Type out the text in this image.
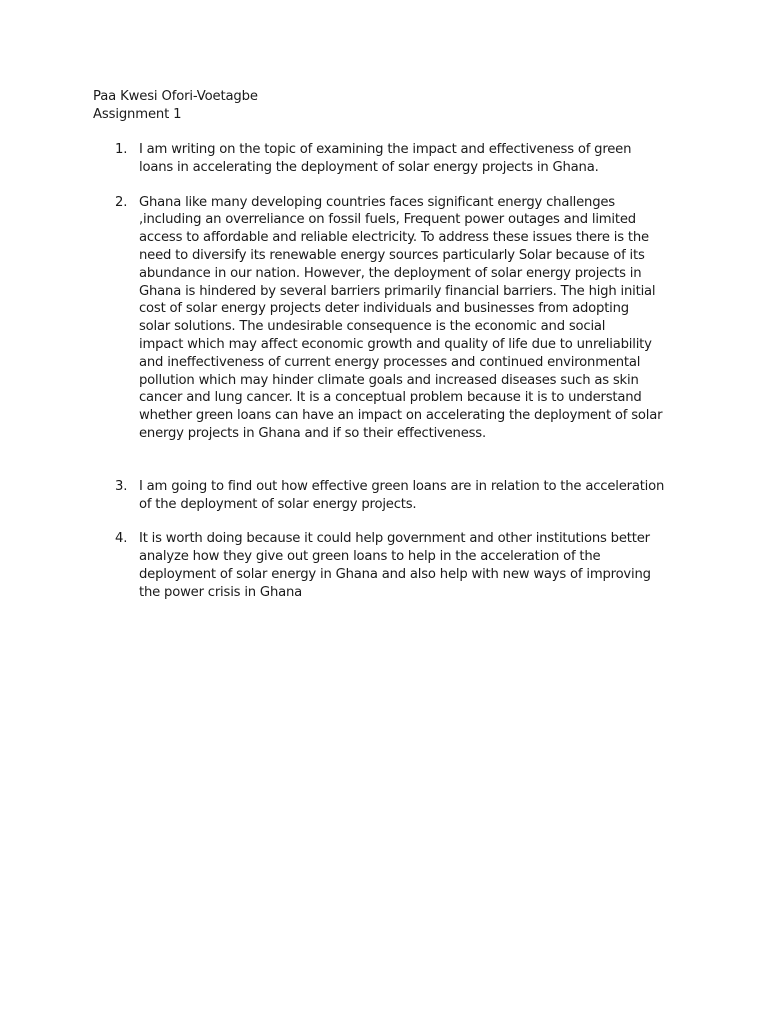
Paa Kwesi Ofori-Voetagbe
Assignment 1
1. I am writing on the topic of examining the impact and effectiveness of green
loans in accelerating the deployment of solar energy projects in Ghana.
2. Ghana like many developing countries faces significant energy challenges
,including an overreliance on fossil fuels, Frequent power outages and limited
access to affordable and reliable electricity. To address these issues there is the
need to diversify its renewable energy sources particularly Solar because of its
abundance in our nation. However, the deployment of solar energy projects in
Ghana is hindered by several barriers primarily financial barriers. The high initial
cost of solar energy projects deter individuals and businesses from adopting
solar solutions. The undesirable consequence is the economic and social
impact which may affect economic growth and quality of life due to unreliability
and ineffectiveness of current energy processes and continued environmental
pollution which may hinder climate goals and increased diseases such as skin
cancer and lung cancer. It is a conceptual problem because it is to understand
whether green loans can have an impact on accelerating the deployment of solar
energy projects in Ghana and if so their effectiveness.
3. I am going to find out how effective green loans are in relation to the acceleration
of the deployment of solar energy projects.
4. It is worth doing because it could help government and other institutions better
analyze how they give out green loans to help in the acceleration of the
deployment of solar energy in Ghana and also help with new ways of improving
the power crisis in Ghana
